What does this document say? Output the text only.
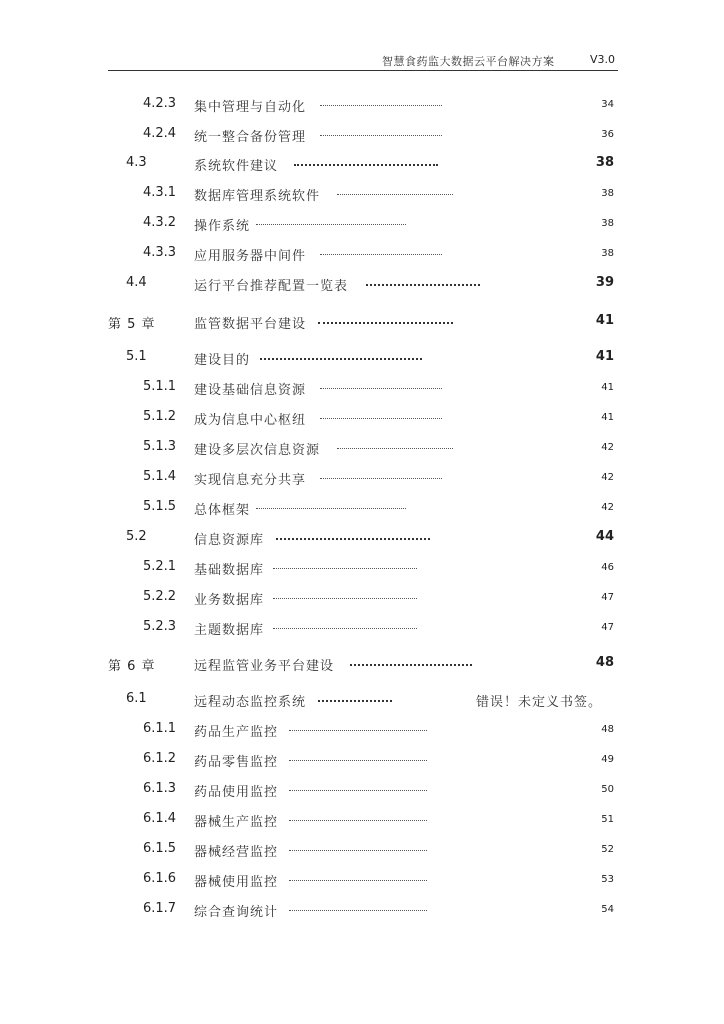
智慧食药监大数据云平台解决方案	V3.0
4.2.3 集中管理与自动化	34
4.2.4 统一整合备份管理	36
4.3	系统软件建议	38
4.3.1 数据库管理系统软件	38
4.3.2 操作系统	38
4.3.3 应用服务器中间件	38
4.4	运行平台推荐配置一览表	39
第 5 章	监管数据平台建设	41
5.1	建设目的	41
5.1.1 建设基础信息资源	41
5.1.2 成为信息中心枢纽	41
5.1.3 建设多层次信息资源	42
5.1.4 实现信息充分共享	42
5.1.5 总体框架	42
5.2	信息资源库	44
5.2.1 基础数据库	46
5.2.2 业务数据库	47
5.2.3 主题数据库	47
第 6 章	远程监管业务平台建设	48
6.1	远程动态监控系统	错误！未定义书签。
6.1.1 药品生产监控	48
6.1.2 药品零售监控	49
6.1.3 药品使用监控	50
6.1.4 器械生产监控	51
6.1.5 器械经营监控	52
6.1.6 器械使用监控	53
6.1.7 综合查询统计	54
